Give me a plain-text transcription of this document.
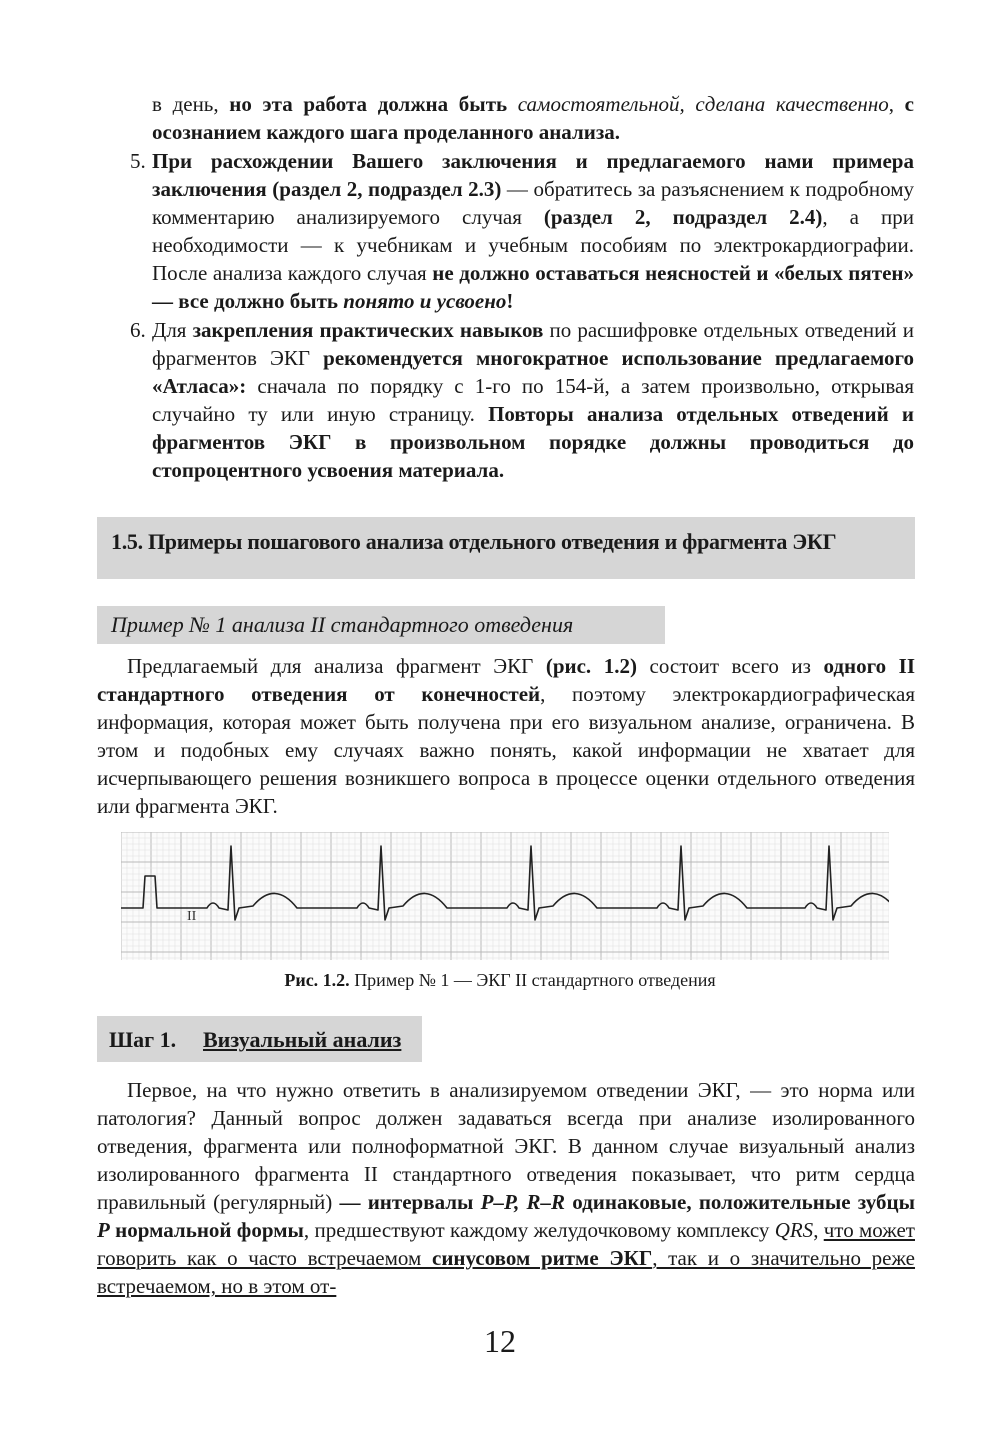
в день, но эта работа должна быть самостоятельной, сделана качественно, с осознанием каждого шага проделанного анализа.

5. При расхождении Вашего заключения и предлагаемого нами примера заключения (раздел 2, подраздел 2.3) — обратитесь за разъяснением к подробному комментарию анализируемого случая (раздел 2, подраздел 2.4), а при необходимости — к учебникам и учебным пособиям по электрокардиографии. После анализа каждого случая не должно оставаться неясностей и «белых пятен» — все должно быть понято и усвоено!

6. Для закрепления практических навыков по расшифровке отдельных отведений и фрагментов ЭКГ рекомендуется многократное использование предлагаемого «Атласа»: сначала по порядку с 1-го по 154-й, а затем произвольно, открывая случайно ту или иную страницу. Повторы анализа отдельных отведений и фрагментов ЭКГ в произвольном порядке должны проводиться до стопроцентного усвоения материала.

1.5. Примеры пошагового анализа отдельного отведения и фрагмента ЭКГ
Пример № 1 анализа II стандартного отведения

Предлагаемый для анализа фрагмент ЭКГ (рис. 1.2) состоит всего из одного II стандартного отведения от конечностей, поэтому электрокардиографическая информация, которая может быть получена при его визуальном анализе, ограничена. В этом и подобных ему случаях важно понять, какой информации не хватает для исчерпывающего решения возникшего вопроса в процессе оценки отдельного отведения или фрагмента ЭКГ.

II
Рис. 1.2. Пример № 1 — ЭКГ II стандартного отведения
Шаг 1. Визуальный анализ

Первое, на что нужно ответить в анализируемом отведении ЭКГ, — это норма или патология? Данный вопрос должен задаваться всегда при анализе изолированного отведения, фрагмента или полноформатной ЭКГ. В данном случае визуальный анализ изолированного фрагмента II стандартного отведения показывает, что ритм сердца правильный (регулярный) — интервалы P–P, R–R одинаковые, положительные зубцы P нормальной формы, предшествуют каждому желудочковому комплексу QRS, что может говорить как о часто встречаемом синусовом ритме ЭКГ, так и о значительно реже встречаемом, но в этом от-

12
